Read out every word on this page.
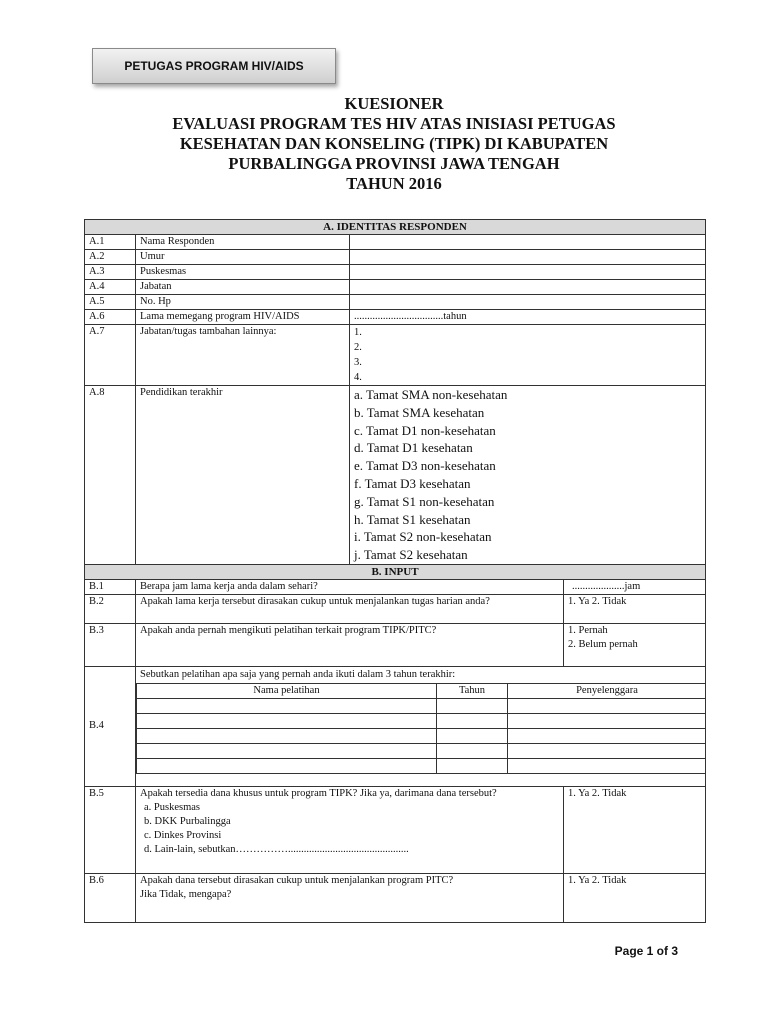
PETUGAS PROGRAM HIV/AIDS
KUESIONER
EVALUASI PROGRAM TES HIV ATAS INISIASI PETUGAS
KESEHATAN DAN KONSELING (TIPK) DI KABUPATEN
PURBALINGGA PROVINSI JAWA TENGAH
TAHUN 2016
A. IDENTITAS RESPONDEN
A.1	Nama Responden	
A.2	Umur	
A.3	Puskesmas	
A.4	Jabatan	
A.5	No. Hp	
A.6	Lama memegang program HIV/AIDS	..................................tahun
A.7	Jabatan/tugas tambahan lainnya:	1.
2.
3.
4.

A.8	Pendidikan terakhir	a. Tamat SMA non-kesehatan
b. Tamat SMA kesehatan
c. Tamat D1 non-kesehatan
d. Tamat D1 kesehatan
e. Tamat D3 non-kesehatan
f. Tamat D3 kesehatan
g. Tamat S1 non-kesehatan
h. Tamat S1 kesehatan
i. Tamat S2 non-kesehatan
j. Tamat S2 kesehatan

B. INPUT
B.1	Berapa jam lama kerja anda dalam sehari?	....................jam
B.2	Apakah lama kerja tersebut dirasakan cukup untuk menjalankan tugas harian anda?	1. Ya 2. Tidak
B.3	Apakah anda pernah mengikuti pelatihan terkait program TIPK/PITC?	1. Pernah
2. Belum pernah

B.4	
Sebutkan pelatihan apa saja yang pernah anda ikuti dalam 3 tahun terakhir:
Nama pelatihan	Tahun	Penyelenggara

B.5	Apakah tersedia dana khusus untuk program TIPK? Jika ya, darimana dana tersebut?
a. Puskesmas
b. DKK Purbalingga
c. Dinkes Provinsi
d. Lain-lain, sebutkan……………..............................................
	1. Ya 2. Tidak
B.6	Apakah dana tersebut dirasakan cukup untuk menjalankan program PITC?
Jika Tidak, mengapa?
	1. Ya 2. Tidak
Page 1 of 3
